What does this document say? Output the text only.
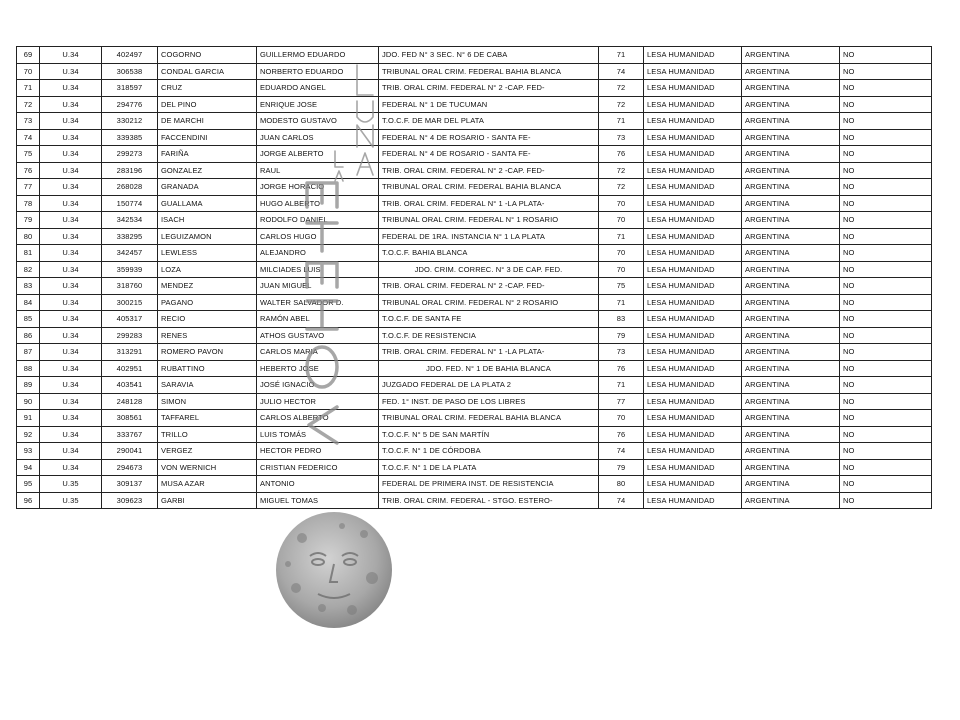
69	U.34	402497	COGORNO	GUILLERMO EDUARDO	JDO. FED N° 3 SEC. N° 6 DE CABA	71	LESA HUMANIDAD	ARGENTINA	NO
70	U.34	306538	CONDAL GARCIA	NORBERTO EDUARDO	TRIBUNAL ORAL CRIM. FEDERAL BAHIA BLANCA	74	LESA HUMANIDAD	ARGENTINA	NO
71	U.34	318597	CRUZ	EDUARDO ANGEL	TRIB. ORAL CRIM. FEDERAL N° 2 -CAP. FED-	72	LESA HUMANIDAD	ARGENTINA	NO
72	U.34	294776	DEL PINO	ENRIQUE JOSE	FEDERAL N° 1 DE TUCUMAN	72	LESA HUMANIDAD	ARGENTINA	NO
73	U.34	330212	DE MARCHI	MODESTO GUSTAVO	T.O.C.F. DE MAR DEL PLATA	71	LESA HUMANIDAD	ARGENTINA	NO
74	U.34	339385	FACCENDINI	JUAN CARLOS	FEDERAL N° 4 DE ROSARIO - SANTA FE-	73	LESA HUMANIDAD	ARGENTINA	NO
75	U.34	299273	FARIÑA	JORGE ALBERTO	FEDERAL N° 4 DE ROSARIO - SANTA FE-	76	LESA HUMANIDAD	ARGENTINA	NO
76	U.34	283196	GONZALEZ	RAUL	TRIB. ORAL CRIM. FEDERAL N° 2 -CAP. FED-	72	LESA HUMANIDAD	ARGENTINA	NO
77	U.34	268028	GRANADA	JORGE HORACIO	TRIBUNAL ORAL CRIM. FEDERAL BAHIA BLANCA	72	LESA HUMANIDAD	ARGENTINA	NO
78	U.34	150774	GUALLAMA	HUGO ALBERTO	TRIB. ORAL CRIM. FEDERAL N° 1 -LA PLATA-	70	LESA HUMANIDAD	ARGENTINA	NO
79	U.34	342534	ISACH	RODOLFO DANIEL	TRIBUNAL ORAL CRIM. FEDERAL N° 1 ROSARIO	70	LESA HUMANIDAD	ARGENTINA	NO
80	U.34	338295	LEGUIZAMON	CARLOS HUGO	FEDERAL DE 1RA. INSTANCIA N° 1 LA PLATA	71	LESA HUMANIDAD	ARGENTINA	NO
81	U.34	342457	LEWLESS	ALEJANDRO	T.O.C.F. BAHIA BLANCA	70	LESA HUMANIDAD	ARGENTINA	NO
82	U.34	359939	LOZA	MILCIADES LUIS	JDO. CRIM. CORREC. N° 3 DE CAP. FED.	70	LESA HUMANIDAD	ARGENTINA	NO
83	U.34	318760	MENDEZ	JUAN MIGUEL	TRIB. ORAL CRIM. FEDERAL N° 2 -CAP. FED-	75	LESA HUMANIDAD	ARGENTINA	NO
84	U.34	300215	PAGANO	WALTER SALVADOR D.	TRIBUNAL ORAL CRIM. FEDERAL N° 2 ROSARIO	71	LESA HUMANIDAD	ARGENTINA	NO
85	U.34	405317	RECIO	RAMÓN ABEL	T.O.C.F. DE SANTA FE	83	LESA HUMANIDAD	ARGENTINA	NO
86	U.34	299283	RENES	ATHOS GUSTAVO	T.O.C.F. DE RESISTENCIA	79	LESA HUMANIDAD	ARGENTINA	NO
87	U.34	313291	ROMERO PAVON	CARLOS MARIA	TRIB. ORAL CRIM. FEDERAL N° 1 -LA PLATA-	73	LESA HUMANIDAD	ARGENTINA	NO
88	U.34	402951	RUBATTINO	HEBERTO JOSE	JDO. FED. N° 1 DE BAHIA BLANCA	76	LESA HUMANIDAD	ARGENTINA	NO
89	U.34	403541	SARAVIA	JOSÉ IGNACIO	JUZGADO FEDERAL DE LA PLATA 2	71	LESA HUMANIDAD	ARGENTINA	NO
90	U.34	248128	SIMON	JULIO HECTOR	FED. 1° INST. DE PASO DE LOS LIBRES	77	LESA HUMANIDAD	ARGENTINA	NO
91	U.34	308561	TAFFAREL	CARLOS ALBERTO	TRIBUNAL ORAL CRIM. FEDERAL BAHIA BLANCA	70	LESA HUMANIDAD	ARGENTINA	NO
92	U.34	333767	TRILLO	LUIS TOMÁS	T.O.C.F. N° 5 DE SAN MARTÍN	76	LESA HUMANIDAD	ARGENTINA	NO
93	U.34	290041	VERGEZ	HECTOR PEDRO	T.O.C.F. N° 1 DE CÓRDOBA	74	LESA HUMANIDAD	ARGENTINA	NO
94	U.34	294673	VON WERNICH	CRISTIAN FEDERICO	T.O.C.F. N° 1 DE LA PLATA	79	LESA HUMANIDAD	ARGENTINA	NO
95	U.35	309137	MUSA AZAR	ANTONIO	FEDERAL DE PRIMERA INST. DE RESISTENCIA	80	LESA HUMANIDAD	ARGENTINA	NO
96	U.35	309623	GARBI	MIGUEL TOMAS	TRIB. ORAL CRIM. FEDERAL - STGO. ESTERO-	74	LESA HUMANIDAD	ARGENTINA	NO
